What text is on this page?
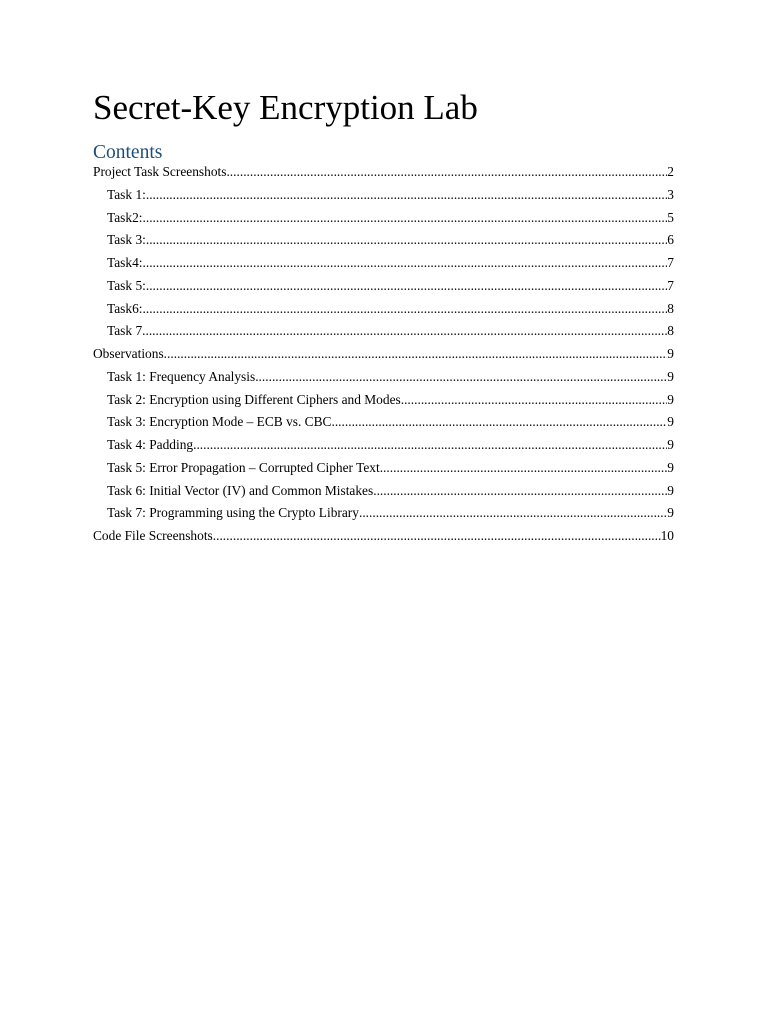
Secret-Key Encryption Lab
Contents
Project Task Screenshots .....	2
Task 1: .....	3
Task2: .....	5
Task 3: .....	6
Task4: .....	7
Task 5: .....	7
Task6: .....	8
Task 7 .....	8
Observations .....	9
Task 1: Frequency Analysis .....	9
Task 2: Encryption using Different Ciphers and Modes .....	9
Task 3: Encryption Mode – ECB vs. CBC .....	9
Task 4: Padding .....	9
Task 5: Error Propagation – Corrupted Cipher Text .....	9
Task 6: Initial Vector (IV) and Common Mistakes .....	9
Task 7: Programming using the Crypto Library .....	9
Code File Screenshots .....	10
